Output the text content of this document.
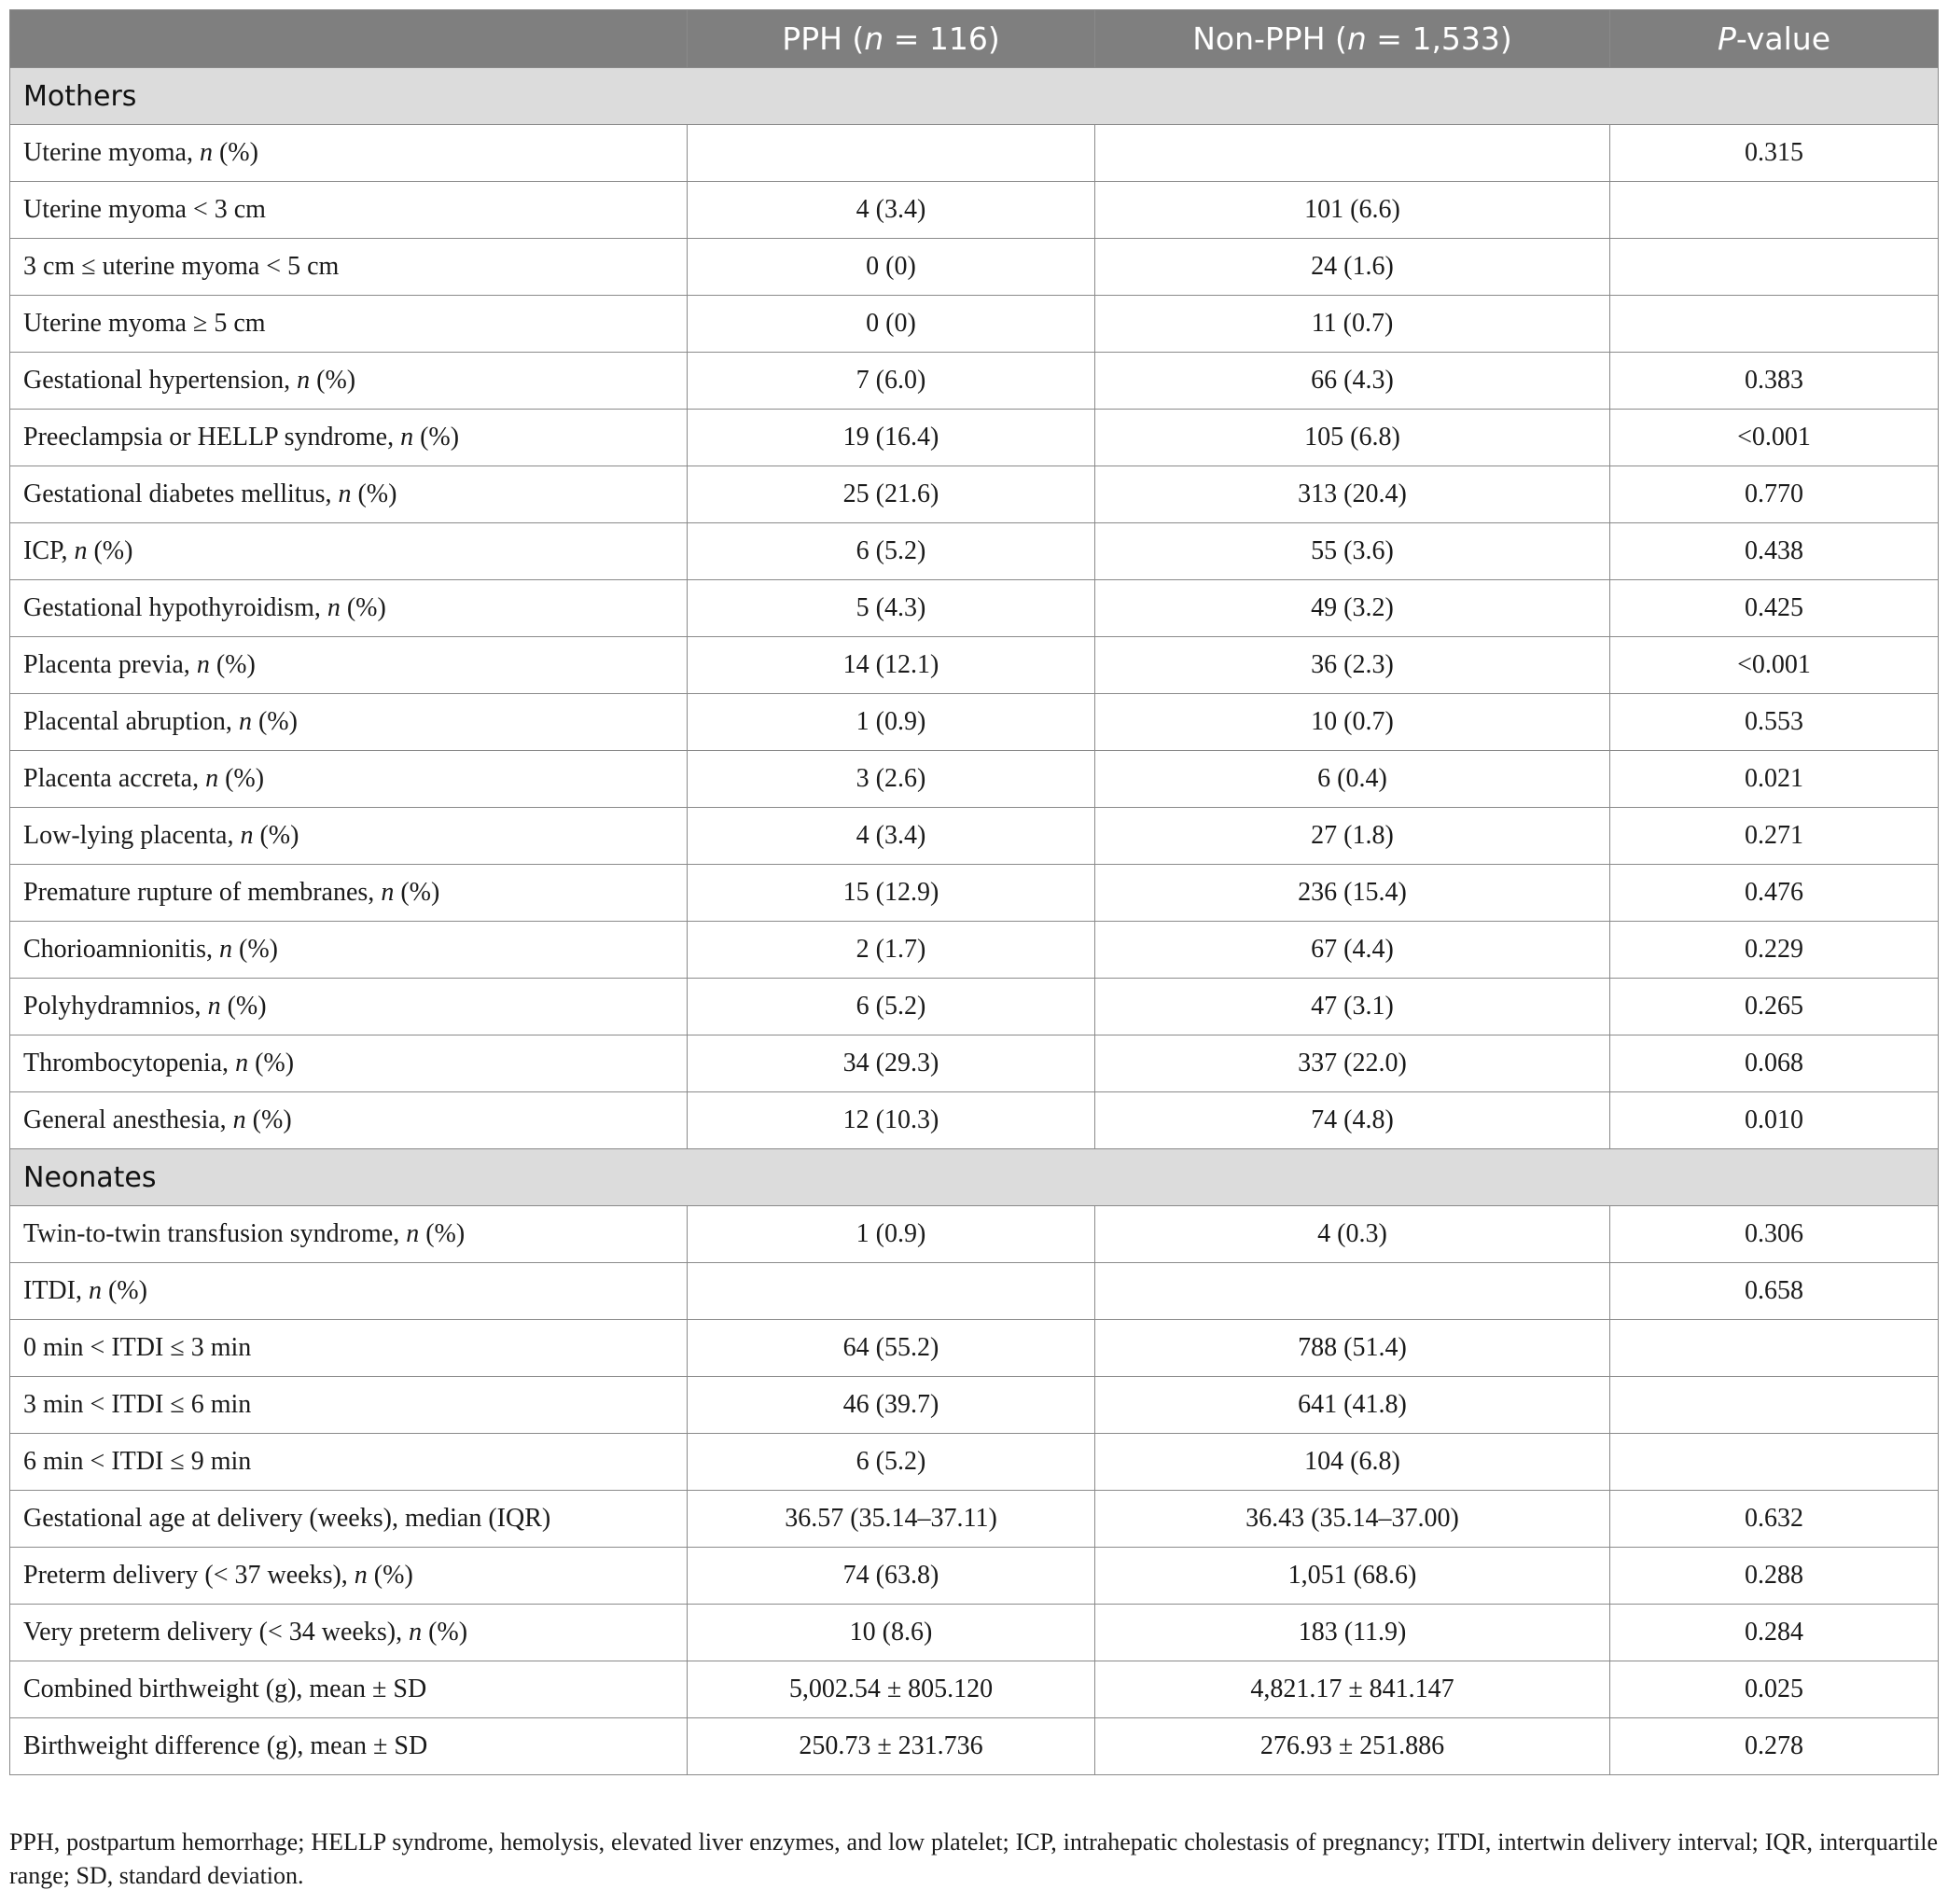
	PPH (n = 116)	Non-PPH (n = 1,533)	P-value
Mothers			
Uterine myoma, n (%)			0.315
Uterine myoma < 3 cm	4 (3.4)	101 (6.6)	
3 cm ≤ uterine myoma < 5 cm	0 (0)	24 (1.6)	
Uterine myoma ≥ 5 cm	0 (0)	11 (0.7)	
Gestational hypertension, n (%)	7 (6.0)	66 (4.3)	0.383
Preeclampsia or HELLP syndrome, n (%)	19 (16.4)	105 (6.8)	<0.001
Gestational diabetes mellitus, n (%)	25 (21.6)	313 (20.4)	0.770
ICP, n (%)	6 (5.2)	55 (3.6)	0.438
Gestational hypothyroidism, n (%)	5 (4.3)	49 (3.2)	0.425
Placenta previa, n (%)	14 (12.1)	36 (2.3)	<0.001
Placental abruption, n (%)	1 (0.9)	10 (0.7)	0.553
Placenta accreta, n (%)	3 (2.6)	6 (0.4)	0.021
Low-lying placenta, n (%)	4 (3.4)	27 (1.8)	0.271
Premature rupture of membranes, n (%)	15 (12.9)	236 (15.4)	0.476
Chorioamnionitis, n (%)	2 (1.7)	67 (4.4)	0.229
Polyhydramnios, n (%)	6 (5.2)	47 (3.1)	0.265
Thrombocytopenia, n (%)	34 (29.3)	337 (22.0)	0.068
General anesthesia, n (%)	12 (10.3)	74 (4.8)	0.010
Neonates			
Twin-to-twin transfusion syndrome, n (%)	1 (0.9)	4 (0.3)	0.306
ITDI, n (%)			0.658
0 min < ITDI ≤ 3 min	64 (55.2)	788 (51.4)	
3 min < ITDI ≤ 6 min	46 (39.7)	641 (41.8)	
6 min < ITDI ≤ 9 min	6 (5.2)	104 (6.8)	
Gestational age at delivery (weeks), median (IQR)	36.57 (35.14–37.11)	36.43 (35.14–37.00)	0.632
Preterm delivery (< 37 weeks), n (%)	74 (63.8)	1,051 (68.6)	0.288
Very preterm delivery (< 34 weeks), n (%)	10 (8.6)	183 (11.9)	0.284
Combined birthweight (g), mean ± SD	5,002.54 ± 805.120	4,821.17 ± 841.147	0.025
Birthweight difference (g), mean ± SD	250.73 ± 231.736	276.93 ± 251.886	0.278
PPH, postpartum hemorrhage; HELLP syndrome, hemolysis, elevated liver enzymes, and low platelet; ICP, intrahepatic cholestasis of pregnancy; ITDI, intertwin delivery interval; IQR, interquartile range; SD, standard deviation.
